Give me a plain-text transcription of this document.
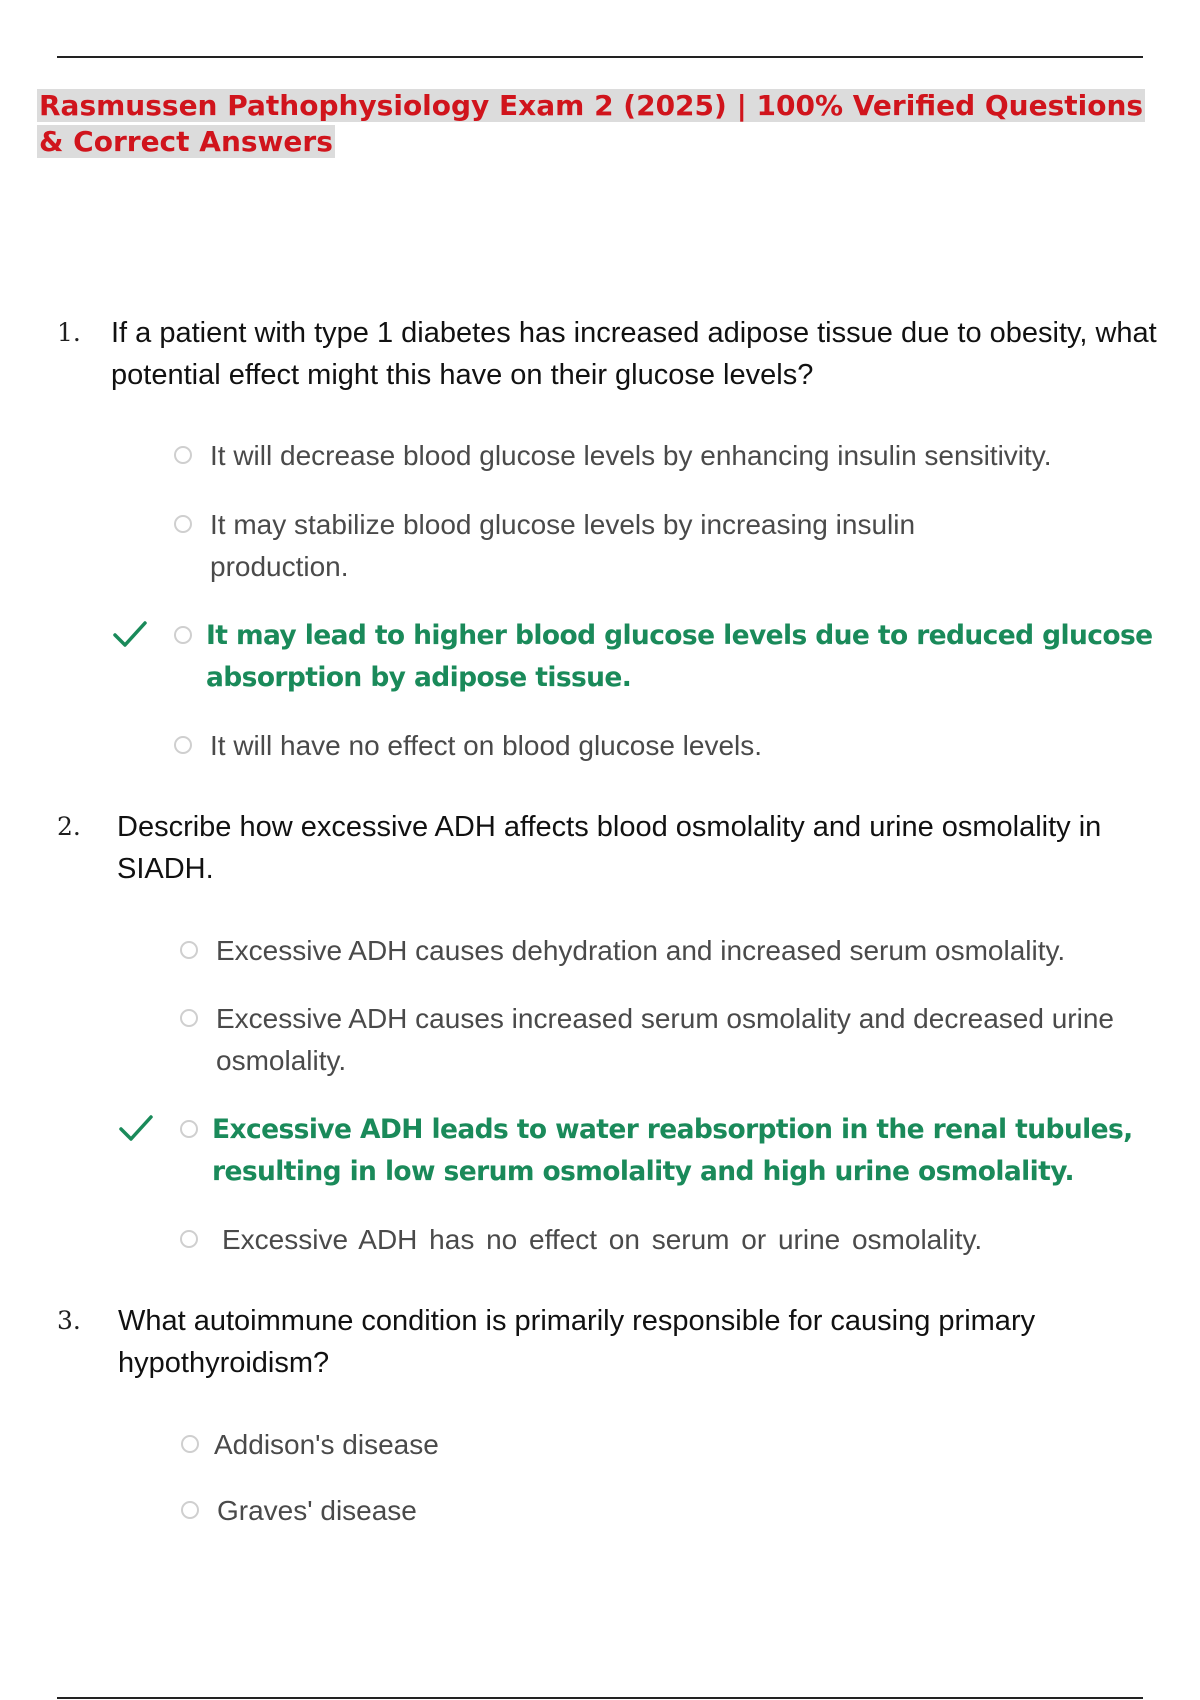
Rasmussen Pathophysiology Exam 2 (2025) | 100% Verified Questions & Correct Answers
1. If a patient with type 1 diabetes has increased adipose tissue due to obesity, what potential effect might this have on their glucose levels?

It will decrease blood glucose levels by enhancing insulin sensitivity.

It may stabilize blood glucose levels by increasing insulin production.

It may lead to higher blood glucose levels due to reduced glucose absorption by adipose tissue.

It will have no effect on blood glucose levels.

2. Describe how excessive ADH affects blood osmolality and urine osmolality in SIADH.

Excessive ADH causes dehydration and increased serum osmolality.

Excessive ADH causes increased serum osmolality and decreased urine osmolality.

Excessive ADH leads to water reabsorption in the renal tubules, resulting in low serum osmolality and high urine osmolality.

Excessive ADH has no effect on serum or urine osmolality.

3. What autoimmune condition is primarily responsible for causing primary hypothyroidism?

Addison's disease

Graves' disease
